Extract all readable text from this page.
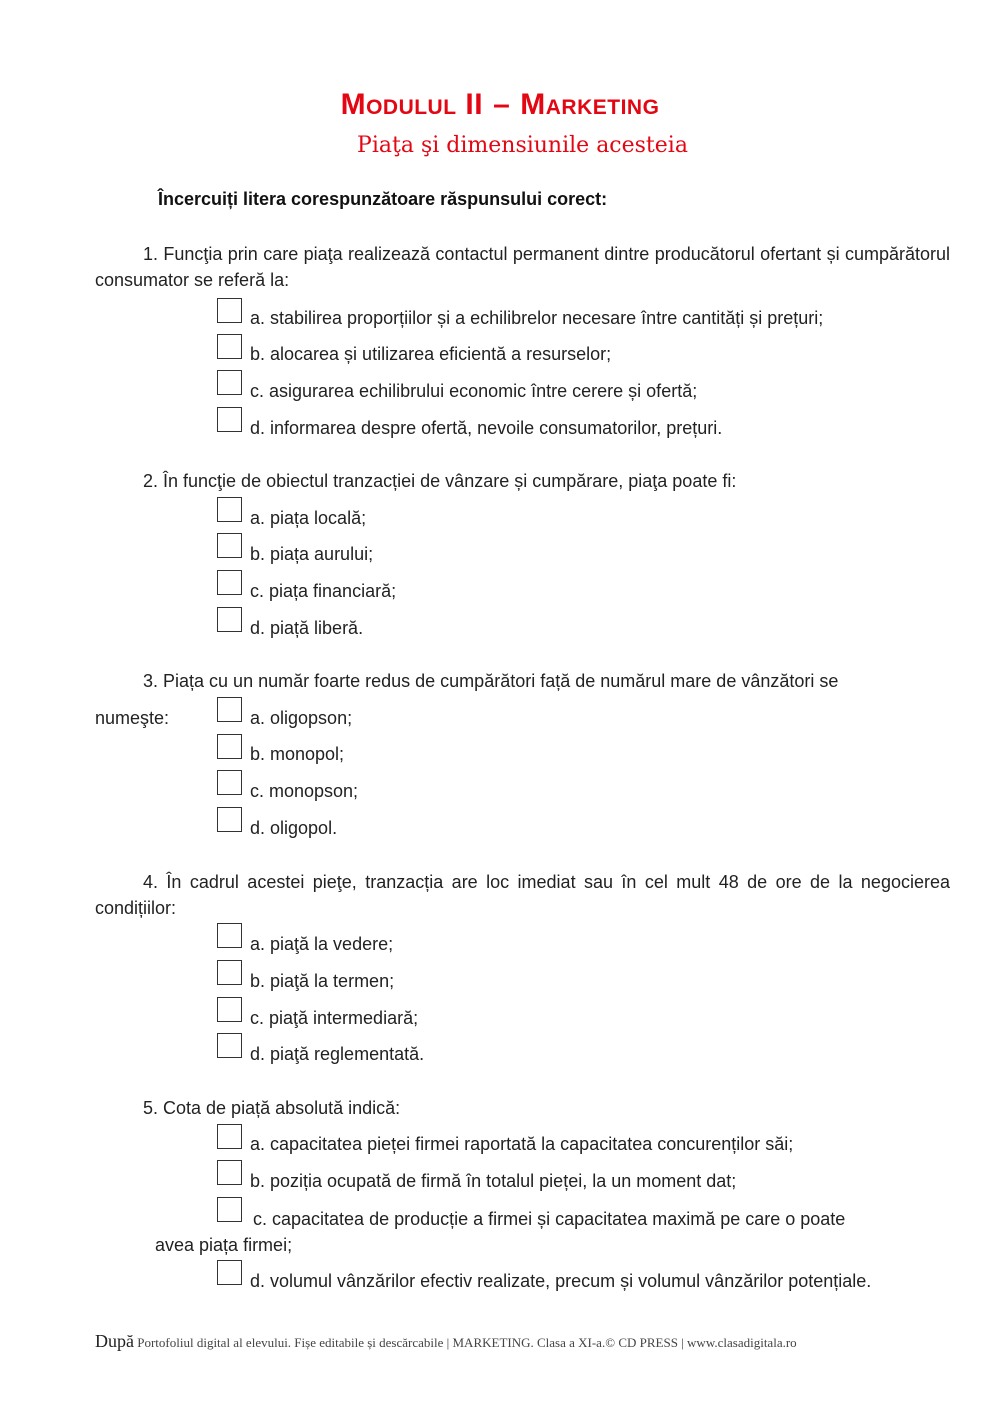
Modulul II – Marketing
Piaţa şi dimensiunile acesteia
Încercuiți litera corespunzătoare răspunsului corect:
1. Funcţia prin care piaţa realizează contactul permanent dintre producătorul ofertant și cumpărătorul consumator se referă la:
a. stabilirea proporțiilor și a echilibrelor necesare între cantități și prețuri;
b. alocarea și utilizarea eficientă a resurselor;
c. asigurarea echilibrului economic între cerere și ofertă;
d. informarea despre ofertă, nevoile consumatorilor, prețuri.
2. În funcţie de obiectul tranzacției de vânzare și cumpărare, piaţa poate fi:
a. piața locală;
b. piața aurului;
c. piața financiară;
d. piață liberă.
3. Piața cu un număr foarte redus de cumpărători față de numărul mare de vânzători se
numeşte:	a. oligopson;
b. monopol;
c. monopson;
d. oligopol.
4. În cadrul acestei pieţe, tranzacția are loc imediat sau în cel mult 48 de ore de la negocierea condițiilor:
a. piaţă la vedere;
b. piaţă la termen;
c. piaţă intermediară;
d. piaţă reglementată.
5. Cota de piață absolută indică:
a. capacitatea pieței firmei raportată la capacitatea concurenților săi;
b. poziția ocupată de firmă în totalul pieței, la un moment dat;
c. capacitatea de producție a firmei și capacitatea maximă pe care o poate
avea piața firmei;
d. volumul vânzărilor efectiv realizate, precum și volumul vânzărilor potențiale.
După Portofoliul digital al elevului. Fișe editabile și descărcabile | MARKETING. Clasa a XI-a.© CD PRESS | www.clasadigitala.ro
